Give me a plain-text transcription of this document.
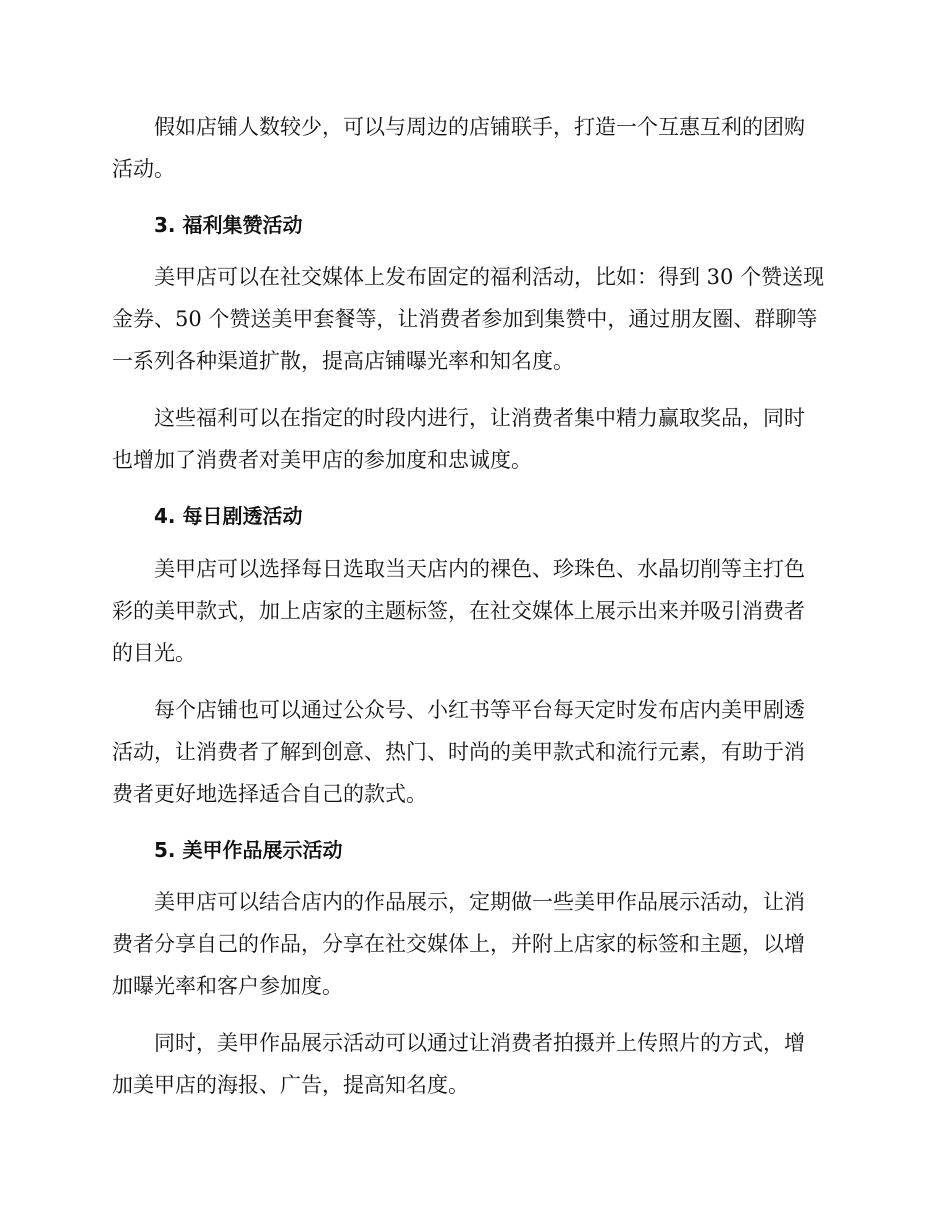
假如店铺人数较少，可以与周边的店铺联手，打造一个互惠互利的团购
活动。
3. 福利集赞活动
美甲店可以在社交媒体上发布固定的福利活动，比如：得到 30 个赞送现
金券、50 个赞送美甲套餐等，让消费者参加到集赞中，通过朋友圈、群聊等
一系列各种渠道扩散，提高店铺曝光率和知名度。
这些福利可以在指定的时段内进行，让消费者集中精力赢取奖品，同时
也增加了消费者对美甲店的参加度和忠诚度。
4. 每日剧透活动
美甲店可以选择每日选取当天店内的裸色、珍珠色、水晶切削等主打色
彩的美甲款式，加上店家的主题标签，在社交媒体上展示出来并吸引消费者
的目光。
每个店铺也可以通过公众号、小红书等平台每天定时发布店内美甲剧透
活动，让消费者了解到创意、热门、时尚的美甲款式和流行元素，有助于消
费者更好地选择适合自己的款式。
5. 美甲作品展示活动
美甲店可以结合店内的作品展示，定期做一些美甲作品展示活动，让消
费者分享自己的作品，分享在社交媒体上，并附上店家的标签和主题，以增
加曝光率和客户参加度。
同时，美甲作品展示活动可以通过让消费者拍摄并上传照片的方式，增
加美甲店的海报、广告，提高知名度。
